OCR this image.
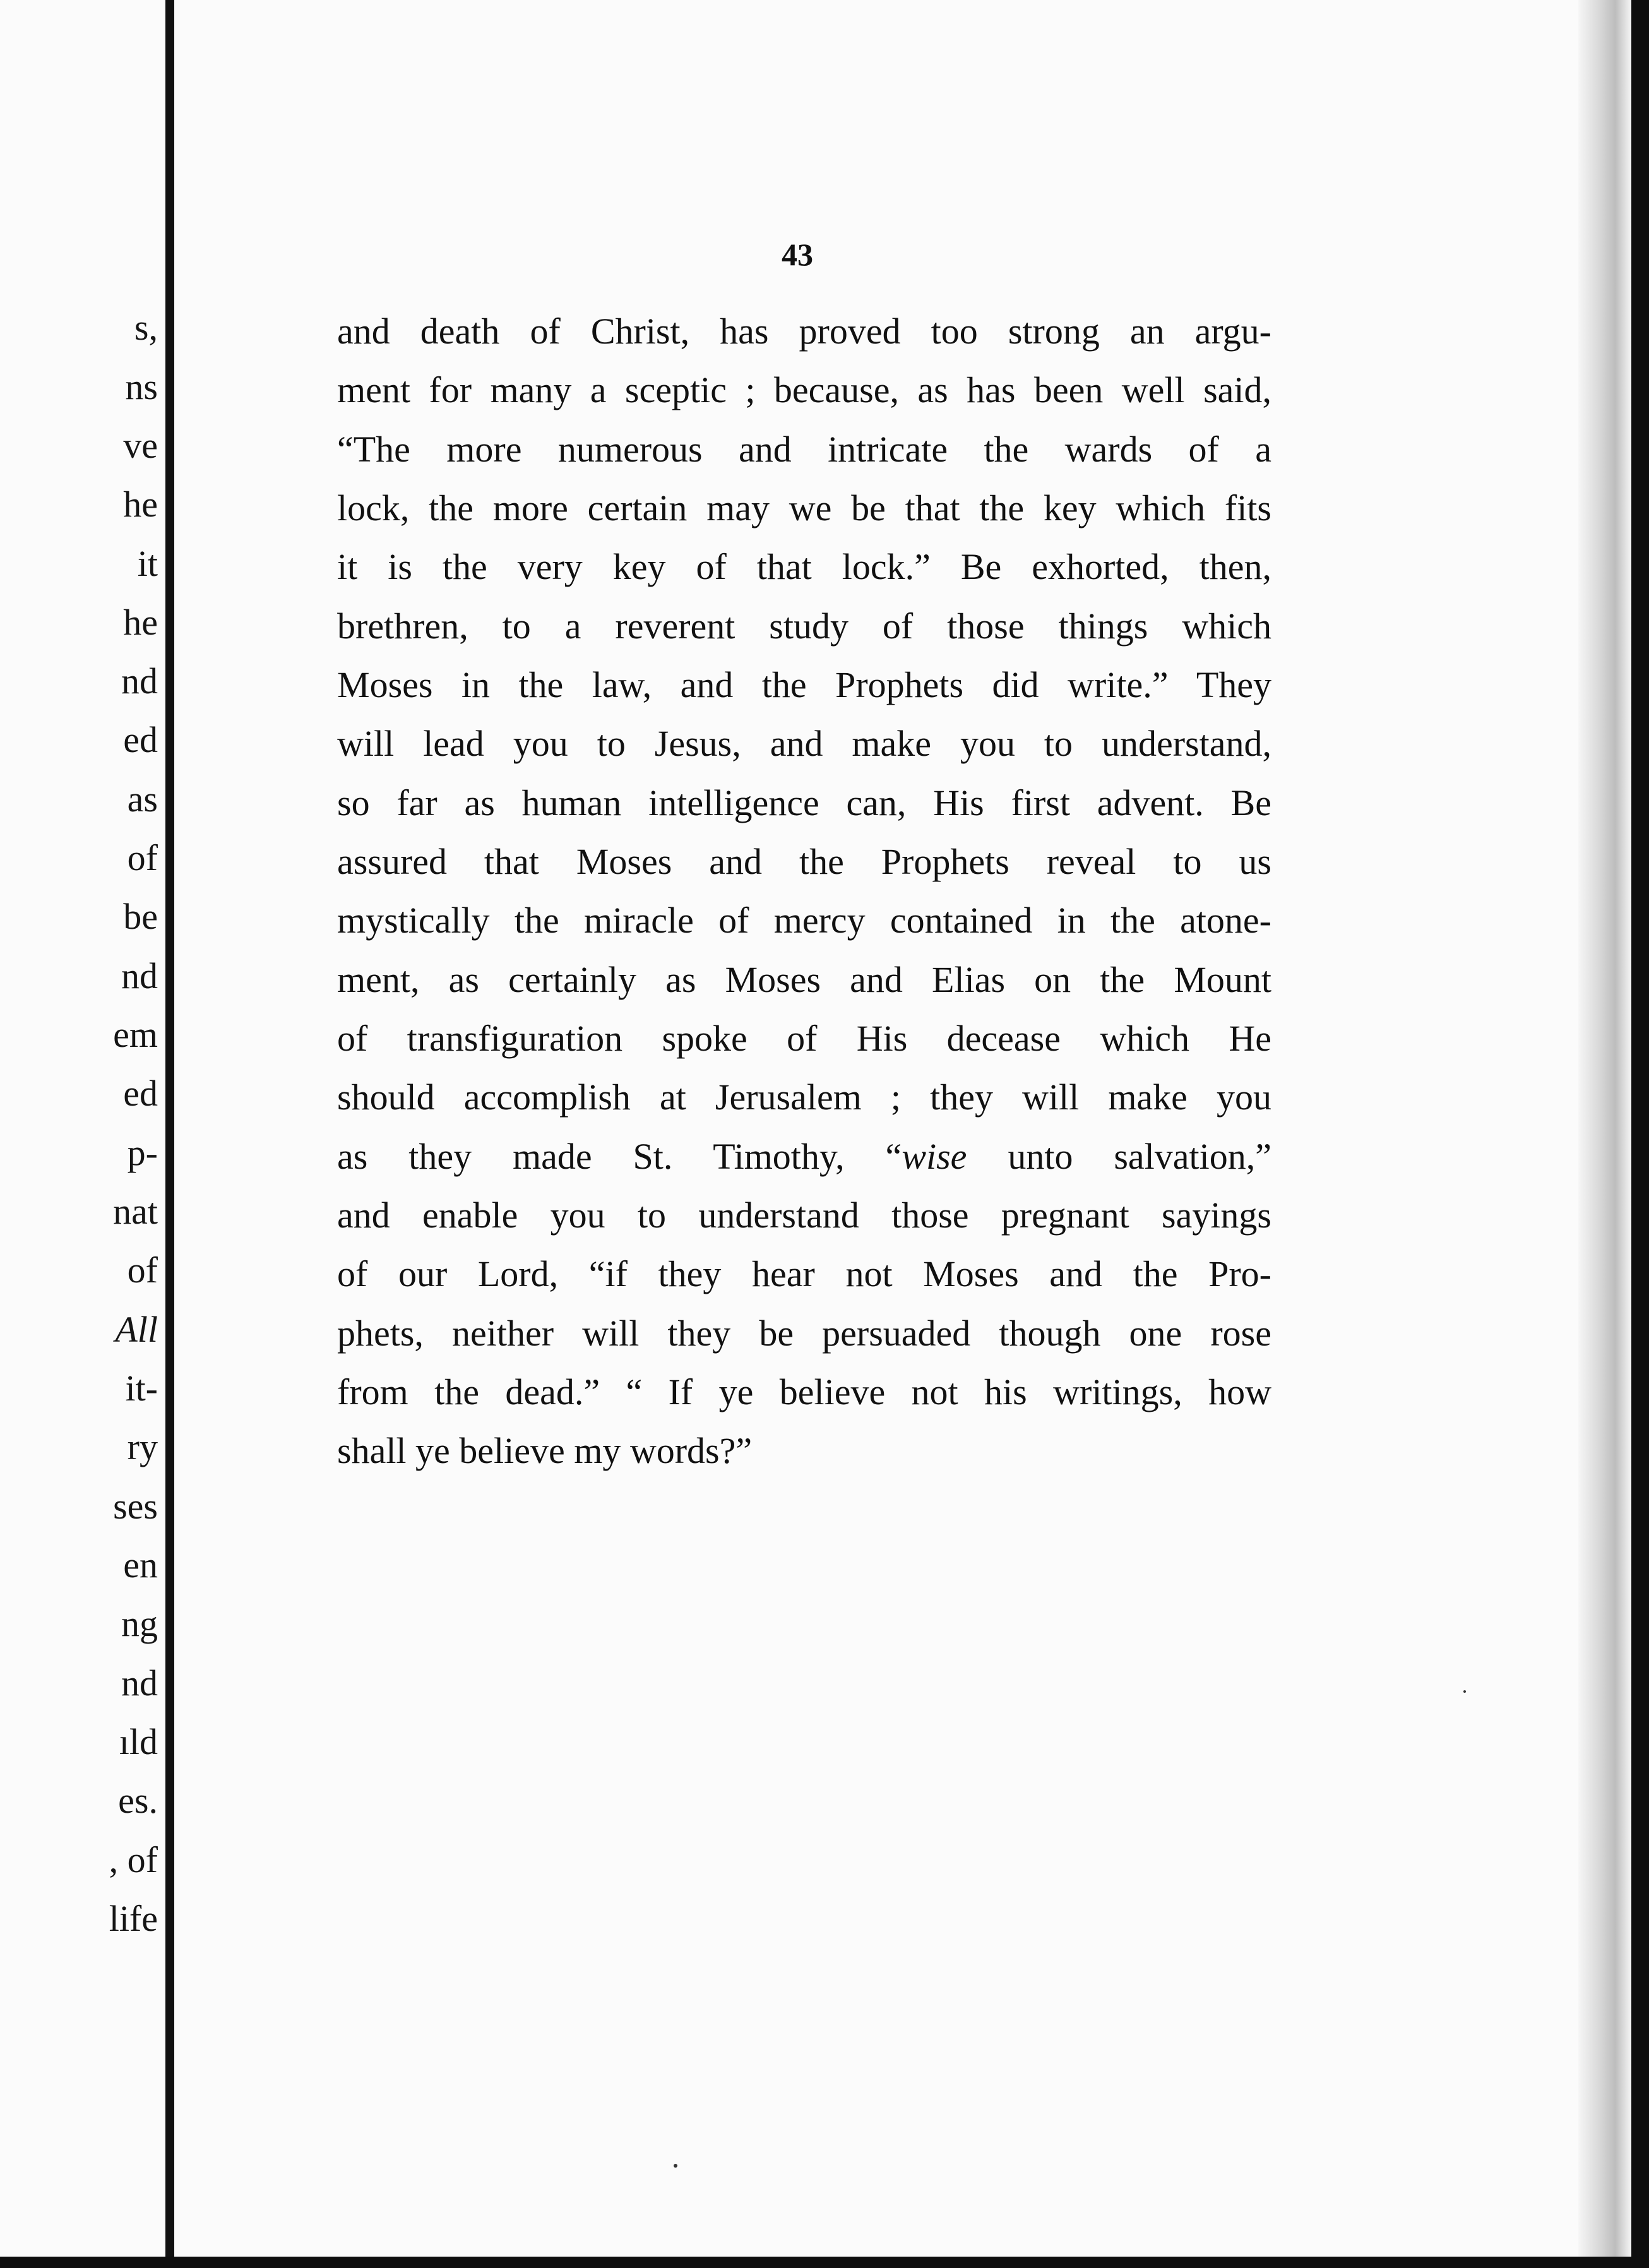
s,
ns
ve
he
it
he
nd
ed
as
of
be
nd
em
ed
p-
nat
of
All
it-
ry
ses
en
ng
nd
ıld
es.
, of
life
43
and death of Christ, has proved too strong an argu-
ment for many a sceptic ; because, as has been well said,
“The more numerous and intricate the wards of a
lock, the more certain may we be that the key which fits
it is the very key of that lock.” Be exhorted, then,
brethren, to a reverent study of those things which
Moses in the law, and the Prophets did write.” They
will lead you to Jesus, and make you to understand,
so far as human intelligence can, His first advent. Be
assured that Moses and the Prophets reveal to us
mystically the miracle of mercy contained in the atone-
ment, as certainly as Moses and Elias on the Mount
of transfiguration spoke of His decease which He
should accomplish at Jerusalem ; they will make you
as they made St. Timothy, “wise unto salvation,”
and enable you to understand those pregnant sayings
of our Lord, “if they hear not Moses and the Pro-
phets, neither will they be persuaded though one rose
from the dead.” “ If ye believe not his writings, how
shall ye believe my words?”
